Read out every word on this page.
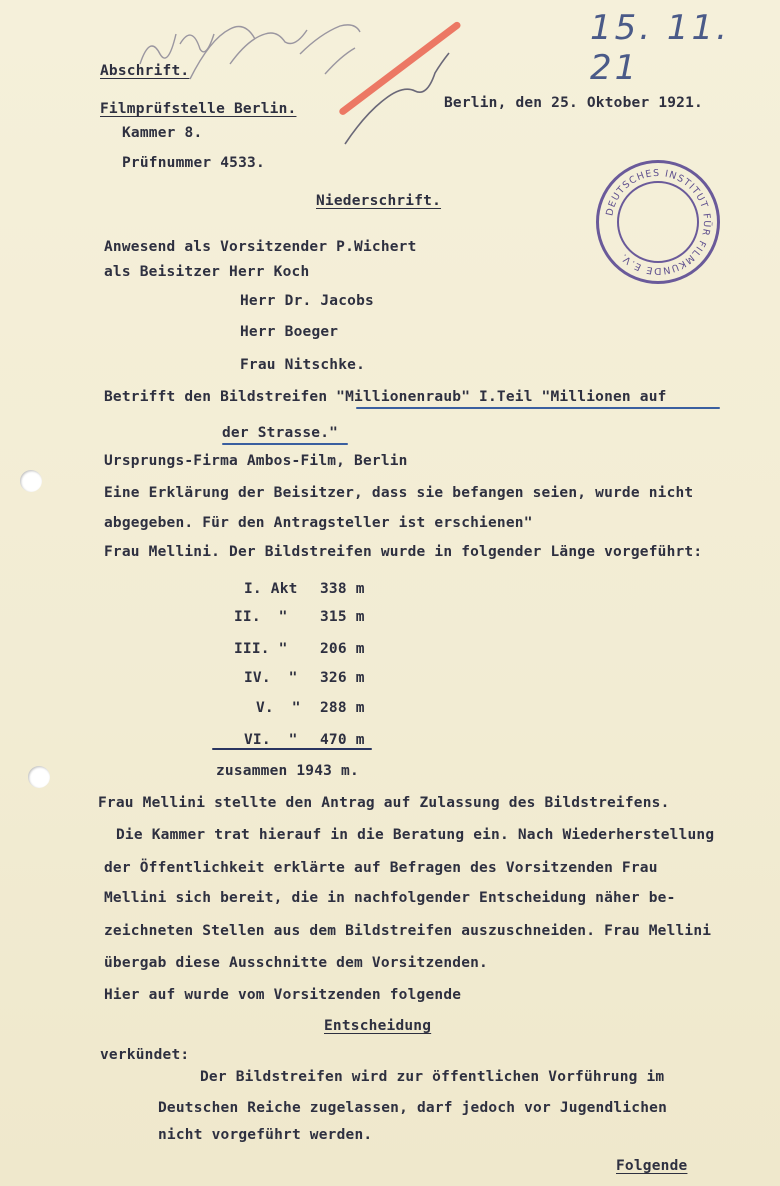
15. 11. 21
DEUTSCHES INSTITUT FÜR FILMKUNDE E.V.
Abschrift.
Filmprüfstelle Berlin.	Berlin, den 25. Oktober 1921.
Kammer 8.
Prüfnummer 4533.
Niederschrift.
Anwesend als Vorsitzender P.Wichert
als Beisitzer Herr Koch
Herr Dr. Jacobs
Herr Boeger
Frau Nitschke.
Betrifft den Bildstreifen "Millionenraub" I.Teil "Millionen auf
der Strasse."
Ursprungs-Firma Ambos-Film, Berlin
Eine Erklärung der Beisitzer, dass sie befangen seien, wurde nicht
abgegeben. Für den Antragsteller ist erschienen"
Frau Mellini. Der Bildstreifen wurde in folgender Länge vorgeführt:
I. Akt 338 m
II.  " 315 m
III. " 206 m
IV.  " 326 m
V.  " 288 m
VI.  " 470 m
zusammen 1943 m.
Frau Mellini stellte den Antrag auf Zulassung des Bildstreifens.
Die Kammer trat hierauf in die Beratung ein. Nach Wiederherstellung
der Öffentlichkeit erklärte auf Befragen des Vorsitzenden Frau
Mellini sich bereit, die in nachfolgender Entscheidung näher be-
zeichneten Stellen aus dem Bildstreifen auszuschneiden. Frau Mellini
übergab diese Ausschnitte dem Vorsitzenden.
Hier auf wurde vom Vorsitzenden folgende
Entscheidung
verkündet:
Der Bildstreifen wird zur öffentlichen Vorführung im
Deutschen Reiche zugelassen, darf jedoch vor Jugendlichen
nicht vorgeführt werden.
Folgende
